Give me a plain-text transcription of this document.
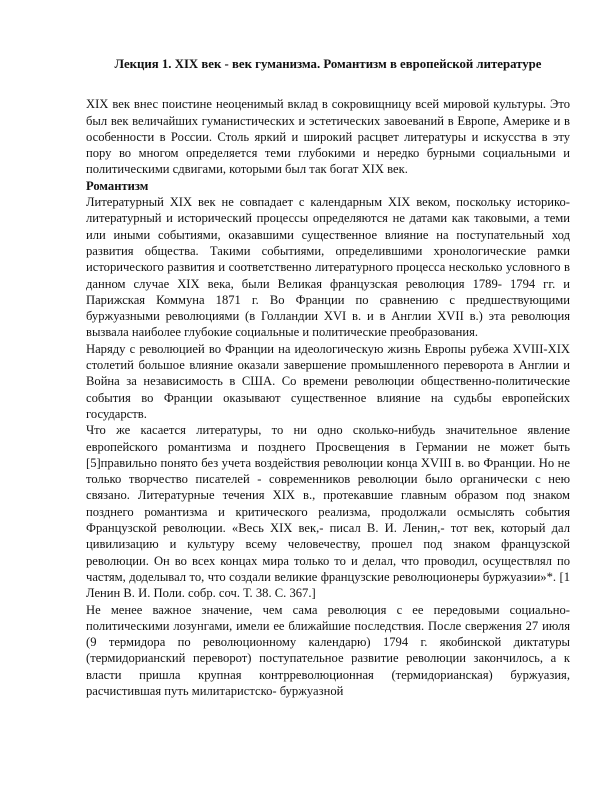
Лекция 1. XIX век - век гуманизма. Романтизм в европейской литературе

XIX век внес поистине неоценимый вклад в сокровищницу всей мировой культуры. Это был век величайших гуманистических и эстетических завоеваний в Европе, Америке и в особенности в России. Столь яркий и широкий расцвет литературы и искусства в эту пору во многом определяется теми глубокими и нередко бурными социальными и политическими сдвигами, которыми был так богат XIX век.

Романтизм

Литературный XIX век не совпадает с календарным XIX веком, поскольку историко- литературный и исторический процессы определяются не датами как таковыми, а теми или иными событиями, оказавшими существенное влияние на поступательный ход развития общества. Такими событиями, определившими хронологические рамки исторического развития и соответственно литературного процесса несколько условного в данном случае XIX века, были Великая французская революция 1789- 1794 гг. и Парижская Коммуна 1871 г. Во Франции по сравнению с предшествующими буржуазными революциями (в Голландии XVI в. и в Англии XVII в.) эта революция вызвала наиболее глубокие социальные и политические преобразования.

Наряду с революцией во Франции на идеологическую жизнь Европы рубежа XVIII-XIX столетий большое влияние оказали завершение промышленного переворота в Англии и Война за независимость в США. Со времени революции общественно-политические события во Франции оказывают существенное влияние на судьбы европейских государств.

Что же касается литературы, то ни одно сколько-нибудь значительное явление европейского романтизма и позднего Просвещения в Германии не может быть [5]правильно понято без учета воздействия революции конца XVIII в. во Франции. Но не только творчество писателей - современников революции было органически с нею связано. Литературные течения XIX в., протекавшие главным образом под знаком позднего романтизма и критического реализма, продолжали осмыслять события Французской революции. «Весь XIX век,- писал В. И. Ленин,- тот век, который дал цивилизацию и культуру всему человечеству, прошел под знаком французской революции. Он во всех концах мира только то и делал, что проводил, осуществлял по частям, доделывал то, что создали великие французские революционеры буржуазии»*. [1 Ленин В. И. Поли. собр. соч. Т. 38. С. 367.]

Не менее важное значение, чем сама революция с ее передовыми социально-политическими лозунгами, имели ее ближайшие последствия. После свержения 27 июля (9 термидора по революционному календарю) 1794 г. якобинской диктатуры (термидорианский переворот) поступательное развитие революции закончилось, а к власти пришла крупная контрреволюционная (термидорианская) буржуазия, расчистившая путь милитаристско- буржуазной
